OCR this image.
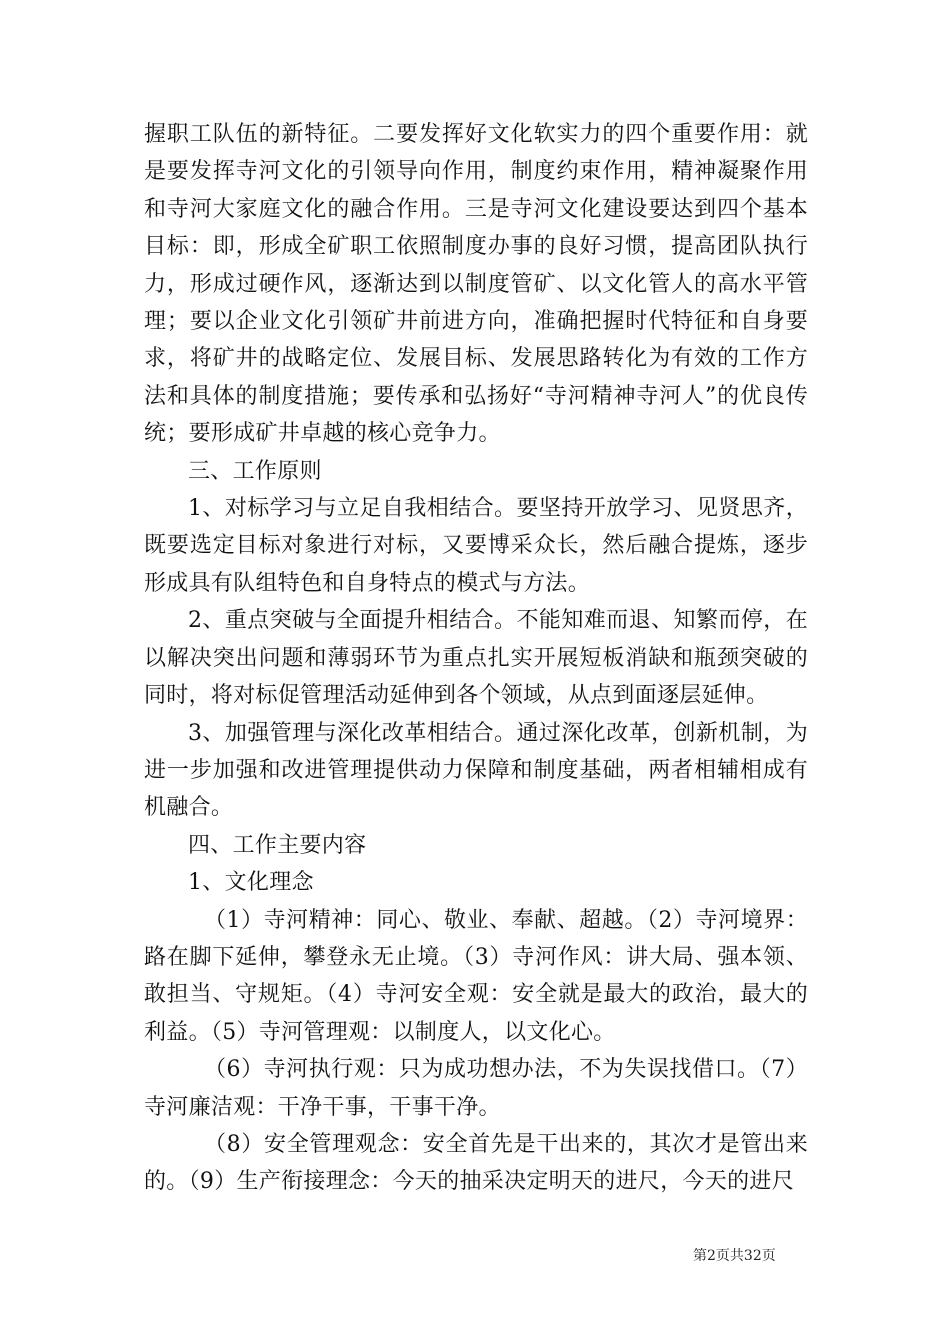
握职工队伍的新特征。二要发挥好文化软实力的四个重要作用：就是要发挥寺河文化的引领导向作用，制度约束作用，精神凝聚作用和寺河大家庭文化的融合作用。三是寺河文化建设要达到四个基本目标：即，形成全矿职工依照制度办事的良好习惯，提高团队执行力，形成过硬作风，逐渐达到以制度管矿、以文化管人的高水平管理；要以企业文化引领矿井前进方向，准确把握时代特征和自身要求，将矿井的战略定位、发展目标、发展思路转化为有效的工作方法和具体的制度措施；要传承和弘扬好“寺河精神寺河人”的优良传统；要形成矿井卓越的核心竞争力。

三、工作原则

1、对标学习与立足自我相结合。要坚持开放学习、见贤思齐，既要选定目标对象进行对标，又要博采众长，然后融合提炼，逐步形成具有队组特色和自身特点的模式与方法。

2、重点突破与全面提升相结合。不能知难而退、知繁而停，在以解决突出问题和薄弱环节为重点扎实开展短板消缺和瓶颈突破的同时，将对标促管理活动延伸到各个领域，从点到面逐层延伸。

3、加强管理与深化改革相结合。通过深化改革，创新机制，为进一步加强和改进管理提供动力保障和制度基础，两者相辅相成有机融合。

四、工作主要内容

1、文化理念

（1）寺河精神：同心、敬业、奉献、超越。（2）寺河境界：路在脚下延伸，攀登永无止境。（3）寺河作风：讲大局、强本领、敢担当、守规矩。（4）寺河安全观：安全就是最大的政治，最大的利益。（5）寺河管理观：以制度人，以文化心。

（6）寺河执行观：只为成功想办法，不为失误找借口。（7）寺河廉洁观：干净干事，干事干净。

（8）安全管理观念：安全首先是干出来的，其次才是管出来的。（9）生产衔接理念：今天的抽采决定明天的进尺，今天的进尺

第2页共32页
